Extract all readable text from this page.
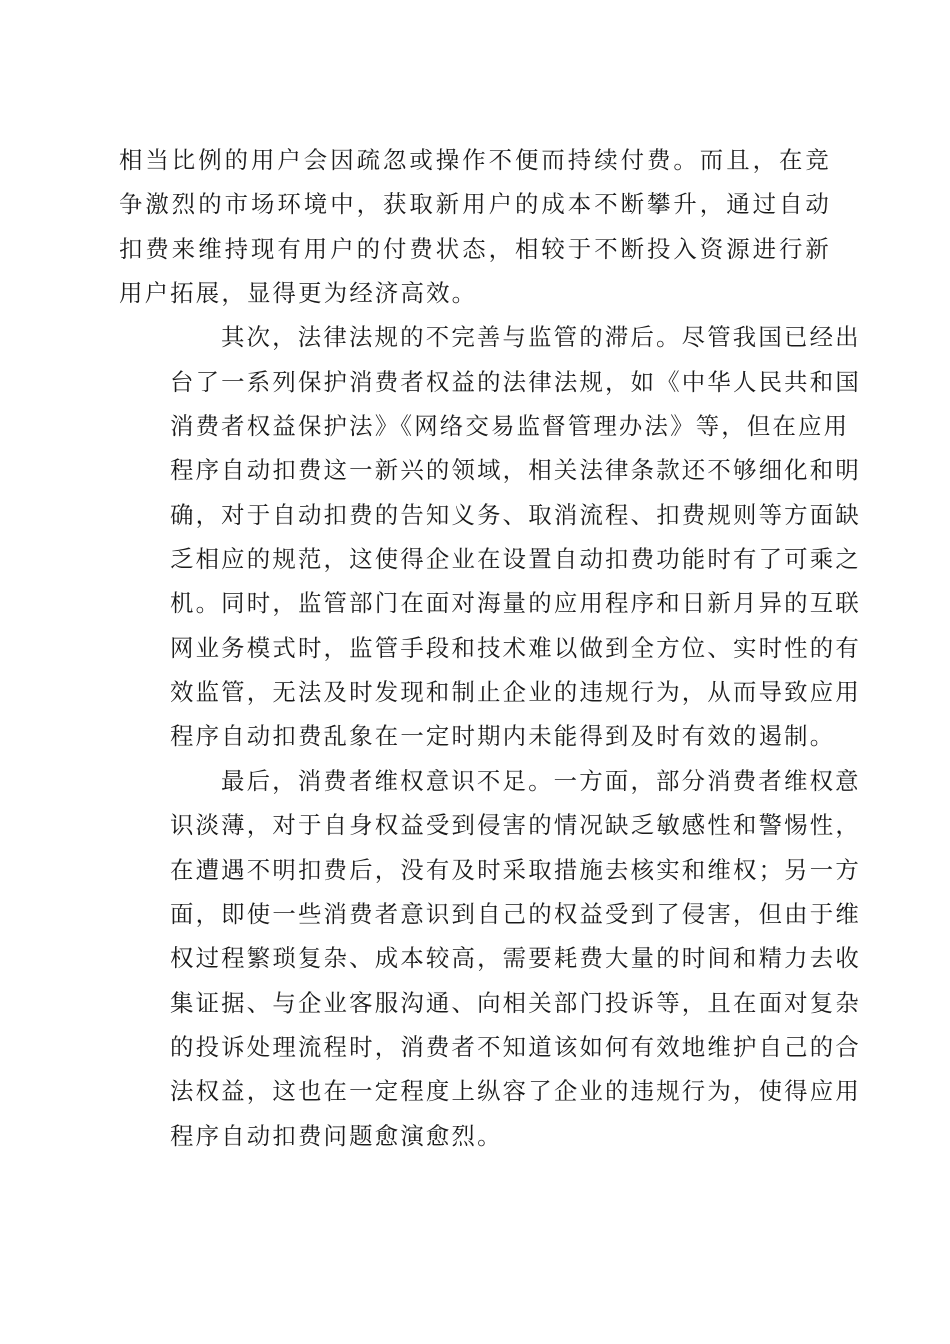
相当比例的用户会因疏忽或操作不便而持续付费。而且，在竞
争激烈的市场环境中，获取新用户的成本不断攀升，通过自动
扣费来维持现有用户的付费状态，相较于不断投入资源进行新
用户拓展，显得更为经济高效。

其次，法律法规的不完善与监管的滞后。尽管我国已经出
台了一系列保护消费者权益的法律法规，如《中华人民共和国
消费者权益保护法》《网络交易监督管理办法》等，但在应用
程序自动扣费这一新兴的领域，相关法律条款还不够细化和明
确，对于自动扣费的告知义务、取消流程、扣费规则等方面缺
乏相应的规范，这使得企业在设置自动扣费功能时有了可乘之
机。同时，监管部门在面对海量的应用程序和日新月异的互联
网业务模式时，监管手段和技术难以做到全方位、实时性的有
效监管，无法及时发现和制止企业的违规行为，从而导致应用
程序自动扣费乱象在一定时期内未能得到及时有效的遏制。

最后，消费者维权意识不足。一方面，部分消费者维权意
识淡薄，对于自身权益受到侵害的情况缺乏敏感性和警惕性，
在遭遇不明扣费后，没有及时采取措施去核实和维权；另一方
面，即使一些消费者意识到自己的权益受到了侵害，但由于维
权过程繁琐复杂、成本较高，需要耗费大量的时间和精力去收
集证据、与企业客服沟通、向相关部门投诉等，且在面对复杂
的投诉处理流程时，消费者不知道该如何有效地维护自己的合
法权益，这也在一定程度上纵容了企业的违规行为，使得应用
程序自动扣费问题愈演愈烈。
